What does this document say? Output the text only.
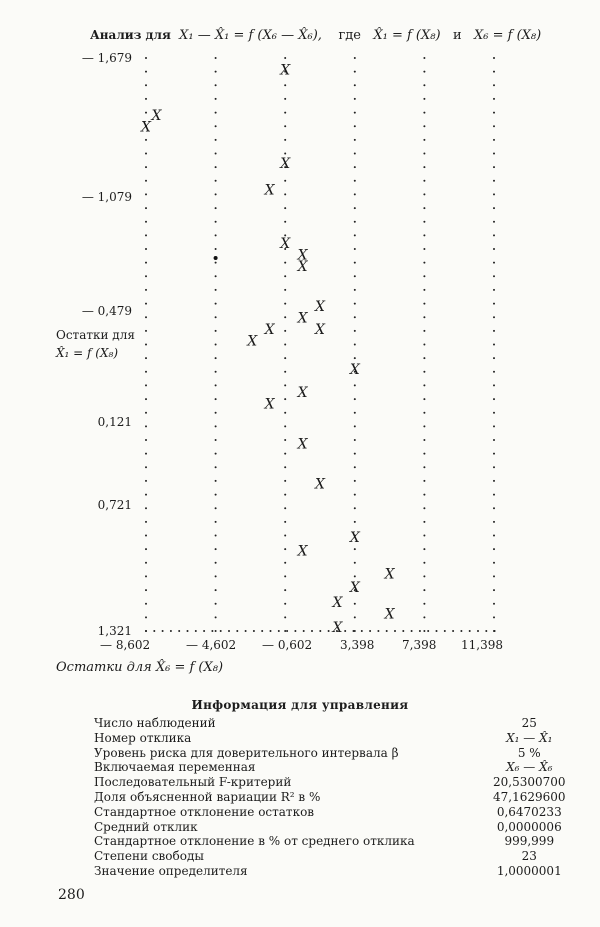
Анализ для X₁ — X̂₁ = f (X₆ — X̂₆), где X̂₁ = f (X₈) и X₆ = f (X₈)
— 1,679
— 1,079
— 0,479
0,121
0,721
1,321
Остатки для
X̂₁ = f (X₈)
X
X
X
X
X
X
X
X
X
X
X
X
X
X
X
X
X
X
X
X
X
X
X
X
X
— 8,602	— 4,602 — 0,602 3,398 7,398 11,398
Остатки для X̂₆ = f (X₈)
Информация для управления
Число наблюдений	25
Номер отклика	X₁ — X̂₁
Уровень риска для доверительного интервала β	5 %
Включаемая переменная	X₆ — X̂₆
Последовательный F-критерий	20,5300700
Доля объясненной вариации R² в %	47,1629600
Стандартное отклонение остатков	0,6470233
Средний отклик	0,0000006
Стандартное отклонение в % от среднего отклика	999,999
Степени свободы	23
Значение определителя	1,0000001
280
